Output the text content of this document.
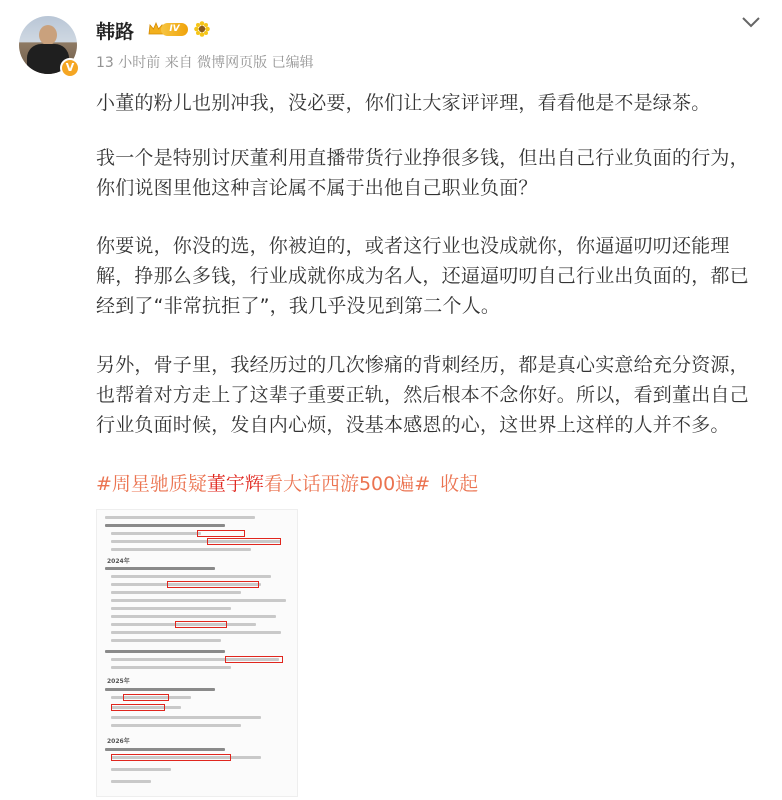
V
韩路	IV
13 小时前 来自 微博网页版 已编辑
小董的粉儿也别冲我，没必要，你们让大家评评理，看看他是不是绿茶。
我一个是特别讨厌董利用直播带货行业挣很多钱，但出自己行业负面的行为，你们说图里他这种言论属不属于出他自己职业负面？
你要说，你没的选，你被迫的，或者这行业也没成就你，你逼逼叨叨还能理解，挣那么多钱，行业成就你成为名人，还逼逼叨叨自己行业出负面的，都已经到了“非常抗拒了”，我几乎没见到第二个人。
另外，骨子里，我经历过的几次惨痛的背刺经历，都是真心实意给充分资源，也帮着对方走上了这辈子重要正轨，然后根本不念你好。所以，看到董出自己行业负面时候，发自内心烦，没基本感恩的心，这世界上这样的人并不多。
#周星驰质疑董宇辉看大话西游500遍# 收起
2024年
2025年
2026年
